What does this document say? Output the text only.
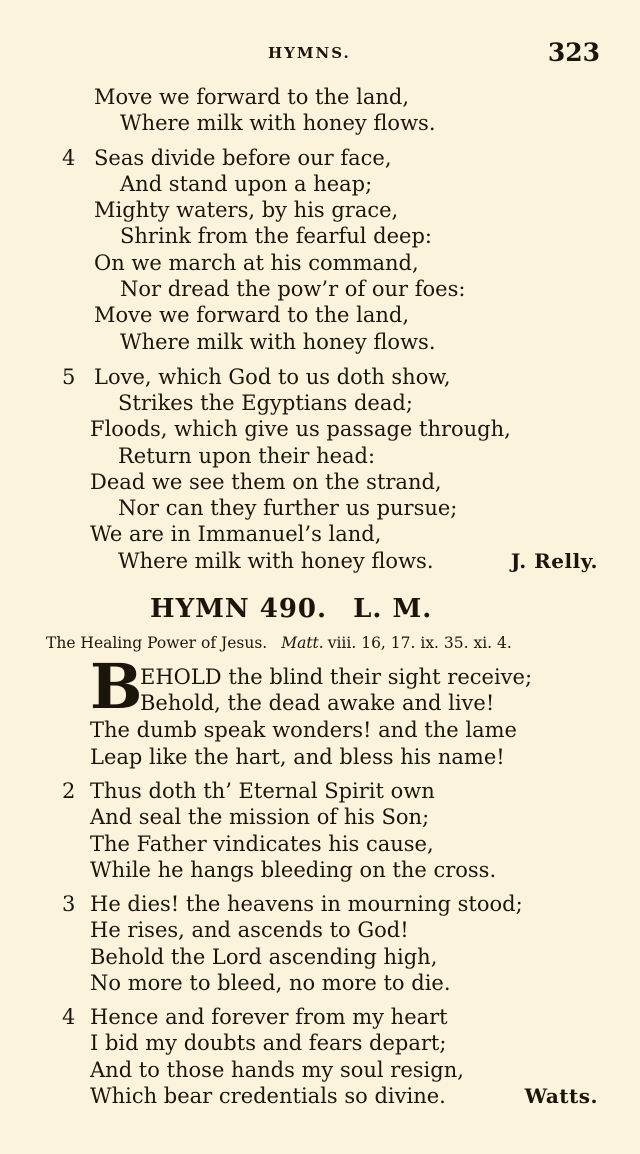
HYMNS.	323
Move we forward to the land,
Where milk with honey flows.
4 Seas divide before our face,
And stand upon a heap;
Mighty waters, by his grace,
Shrink from the fearful deep:
On we march at his command,
Nor dread the pow’r of our foes:
Move we forward to the land,
Where milk with honey flows.
5 Love, which God to us doth show,
Strikes the Egyptians dead;
Floods, which give us passage through,
Return upon their head:
Dead we see them on the strand,
Nor can they further us pursue;
We are in Immanuel’s land,
Where milk with honey flows.	J. Relly.
HYMN 490. L. M.
The Healing Power of Jesus. Matt. viii. 16, 17. ix. 35. xi. 4.
B
EHOLD the blind their sight receive;
Behold, the dead awake and live!
The dumb speak wonders! and the lame
Leap like the hart, and bless his name!
2 Thus doth th’ Eternal Spirit own
And seal the mission of his Son;
The Father vindicates his cause,
While he hangs bleeding on the cross.
3 He dies! the heavens in mourning stood;
He rises, and ascends to God!
Behold the Lord ascending high,
No more to bleed, no more to die.
4 Hence and forever from my heart
I bid my doubts and fears depart;
And to those hands my soul resign,
Which bear credentials so divine.	Watts.
